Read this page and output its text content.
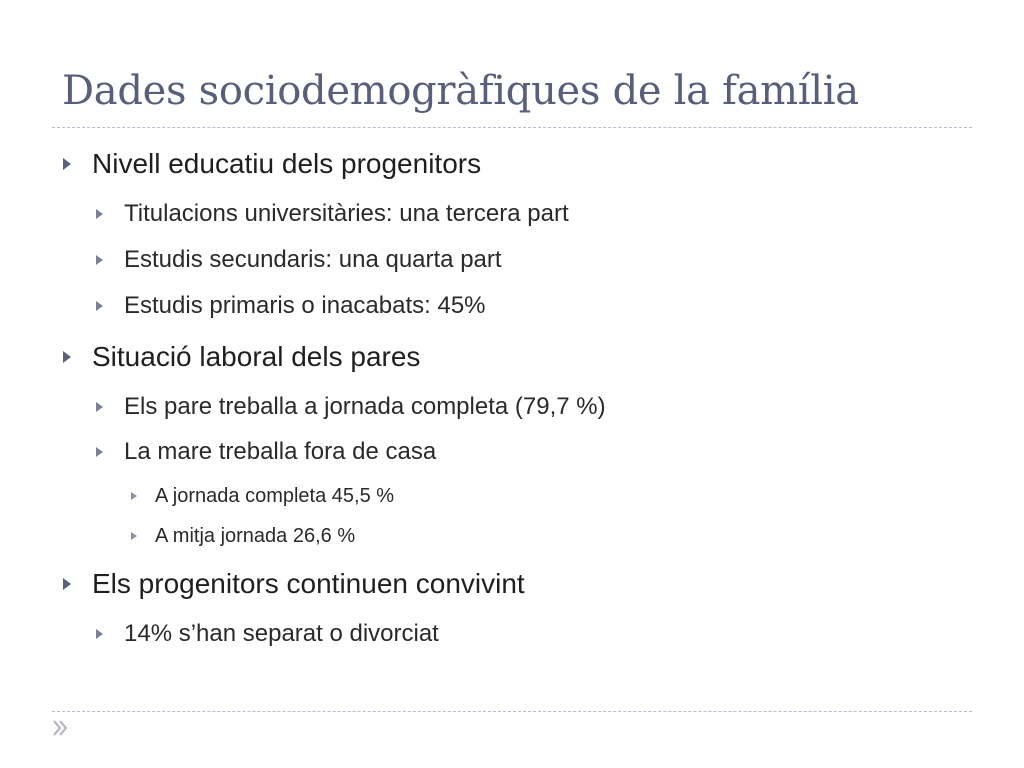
Dades sociodemogràfiques de la família
Nivell educatiu dels progenitors
Titulacions universitàries: una tercera part
Estudis secundaris: una quarta part
Estudis primaris o inacabats: 45%
Situació laboral dels pares
Els pare treballa a jornada completa (79,7 %)
La mare treballa fora de casa
A jornada completa 45,5 %
A mitja jornada 26,6 %
Els progenitors continuen convivint
14% s’han separat o divorciat
